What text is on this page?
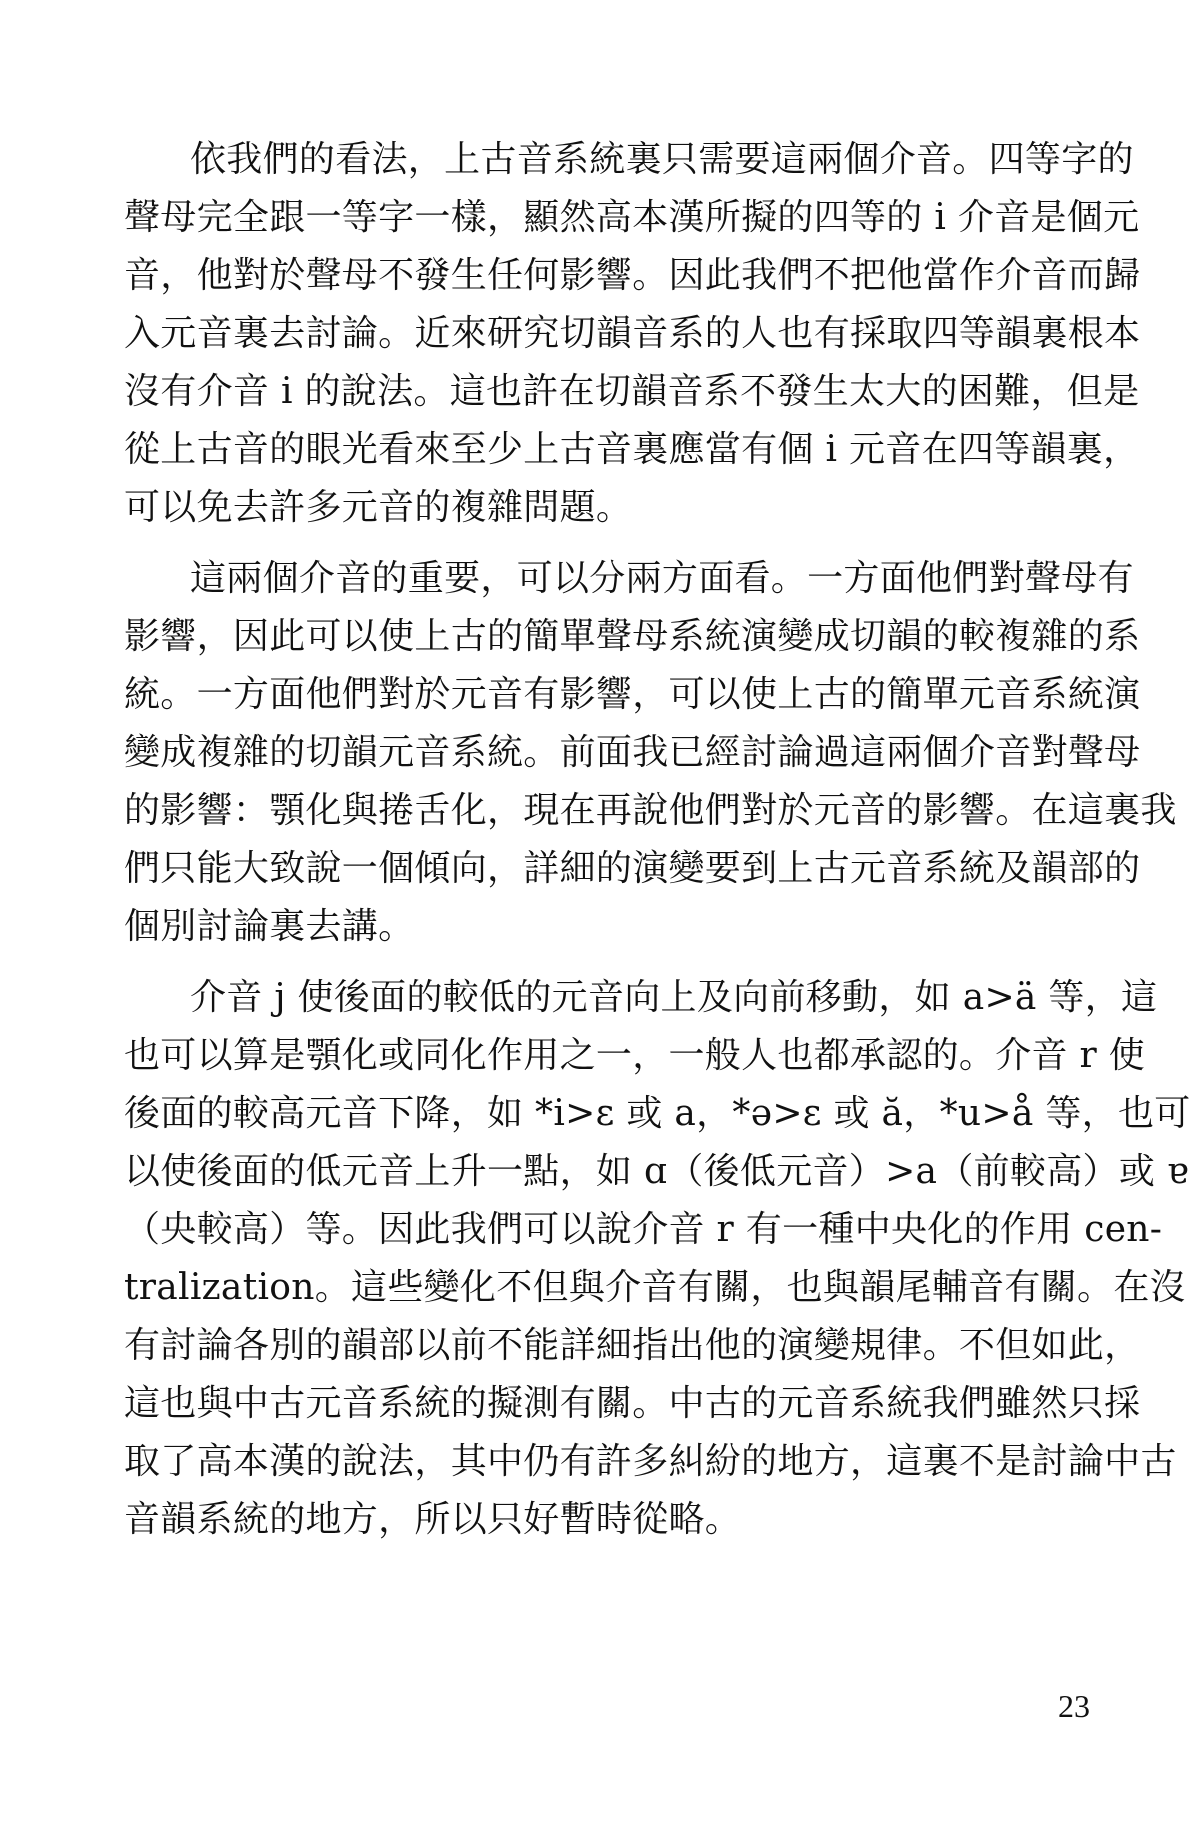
依我們的看法，上古音系統裏只需要這兩個介音。四等字的
聲母完全跟一等字一樣，顯然高本漢所擬的四等的 i 介音是個元
音，他對於聲母不發生任何影響。因此我們不把他當作介音而歸
入元音裏去討論。近來研究切韻音系的人也有採取四等韻裏根本
沒有介音 i 的說法。這也許在切韻音系不發生太大的困難，但是
從上古音的眼光看來至少上古音裏應當有個 i 元音在四等韻裏，
可以免去許多元音的複雜問題。
這兩個介音的重要，可以分兩方面看。一方面他們對聲母有
影響，因此可以使上古的簡單聲母系統演變成切韻的較複雜的系
統。一方面他們對於元音有影響，可以使上古的簡單元音系統演
變成複雜的切韻元音系統。前面我已經討論過這兩個介音對聲母
的影響：顎化與捲舌化，現在再說他們對於元音的影響。在這裏我
們只能大致說一個傾向，詳細的演變要到上古元音系統及韻部的
個別討論裏去講。
介音 j 使後面的較低的元音向上及向前移動，如 a>ä 等，這
也可以算是顎化或同化作用之一，一般人也都承認的。介音 r 使
後面的較高元音下降，如 *i>ɛ 或 a，*ə>ɛ 或 ă，*u>å 等，也可
以使後面的低元音上升一點，如 ɑ（後低元音）>a（前較高）或 ɐ
（央較高）等。因此我們可以說介音 r 有一種中央化的作用 cen-
tralization。這些變化不但與介音有關，也與韻尾輔音有關。在沒
有討論各別的韻部以前不能詳細指出他的演變規律。不但如此，
這也與中古元音系統的擬測有關。中古的元音系統我們雖然只採
取了高本漢的說法，其中仍有許多糾紛的地方，這裏不是討論中古
音韻系統的地方，所以只好暫時從略。
23
